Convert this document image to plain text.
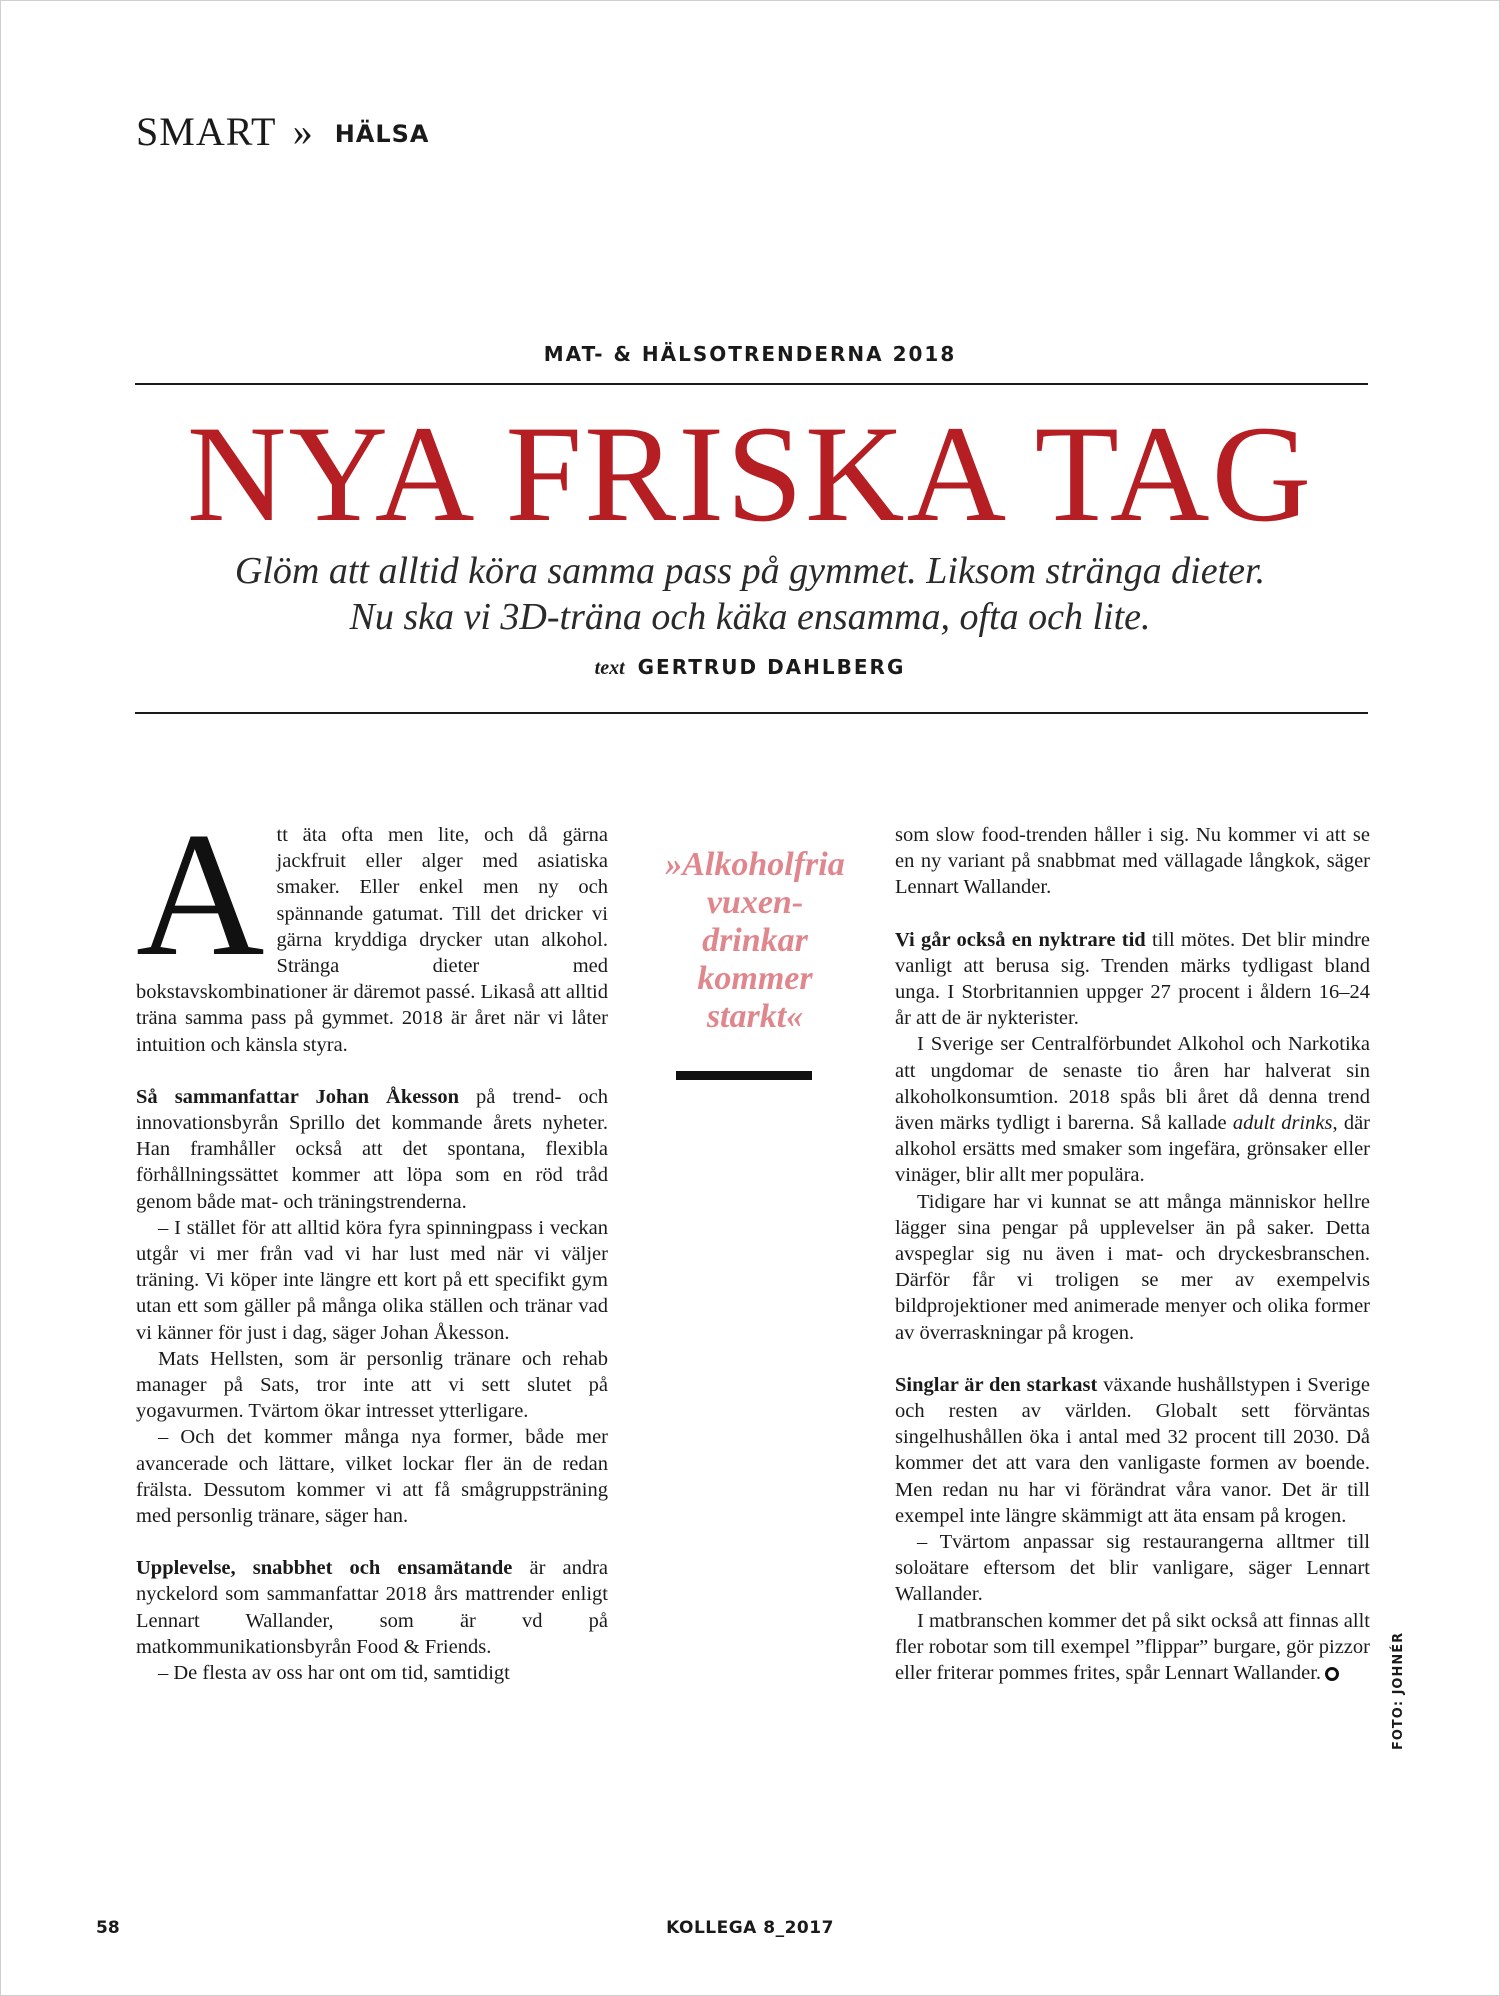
SMART » HÄLSA
MAT- & HÄLSOTRENDERNA 2018
NYA FRISKA TAG
Glöm att alltid köra samma pass på gymmet. Liksom stränga dieter.
Nu ska vi 3D-träna och käka ensamma, ofta och lite.
text GERTRUD DAHLBERG

Att äta ofta men lite, och då gärna jackfruit eller alger med asiatiska smaker. Eller enkel men ny och spännande gatumat. Till det dricker vi gärna kryddiga drycker utan alkohol. Stränga dieter med bokstavskombinationer är däremot passé. Likaså att alltid träna samma pass på gymmet. 2018 är året när vi låter intuition och känsla styra.

Så sammanfattar Johan Åkesson på trend- och innovationsbyrån Sprillo det kommande årets nyheter. Han framhåller också att det spontana, flexibla förhållningssättet kommer att löpa som en röd tråd genom både mat- och träningstrenderna.

– I stället för att alltid köra fyra spinningpass i veckan utgår vi mer från vad vi har lust med när vi väljer träning. Vi köper inte längre ett kort på ett specifikt gym utan ett som gäller på många olika ställen och tränar vad vi känner för just i dag, säger Johan Åkesson.

Mats Hellsten, som är personlig tränare och rehab manager på Sats, tror inte att vi sett slutet på yogavurmen. Tvärtom ökar intresset ytterligare.

– Och det kommer många nya former, både mer avancerade och lättare, vilket lockar fler än de redan frälsta. Dessutom kommer vi att få smågruppsträning med personlig tränare, säger han.

Upplevelse, snabbhet och ensamätande är andra nyckelord som sammanfattar 2018 års mattrender enligt Lennart Wallander, som är vd på matkommunikationsbyrån Food & Friends.

– De flesta av oss har ont om tid, samtidigt

»Alkoholfria
vuxen-
drinkar
kommer
starkt«

som slow food-trenden håller i sig. Nu kommer vi att se en ny variant på snabbmat med vällagade långkok, säger Lennart Wallander.

Vi går också en nyktrare tid till mötes. Det blir mindre vanligt att berusa sig. Trenden märks tydligast bland unga. I Storbritannien uppger 27 procent i åldern 16–24 år att de är nykterister.

I Sverige ser Centralförbundet Alkohol och Narkotika att ungdomar de senaste tio åren har halverat sin alkoholkonsumtion. 2018 spås bli året då denna trend även märks tydligt i barerna. Så kallade adult drinks, där alkohol ersätts med smaker som ingefära, grönsaker eller vinäger, blir allt mer populära.

Tidigare har vi kunnat se att många människor hellre lägger sina pengar på upplevelser än på saker. Detta avspeglar sig nu även i mat- och dryckesbranschen. Därför får vi troligen se mer av exempelvis bildprojektioner med animerade menyer och olika former av överraskningar på krogen.

Singlar är den starkast växande hushållstypen i Sverige och resten av världen. Globalt sett förväntas singelhushållen öka i antal med 32 procent till 2030. Då kommer det att vara den vanligaste formen av boende. Men redan nu har vi förändrat våra vanor. Det är till exempel inte längre skämmigt att äta ensam på krogen.

– Tvärtom anpassar sig restaurangerna alltmer till soloätare eftersom det blir vanligare, säger Lennart Wallander.

I matbranschen kommer det på sikt också att finnas allt fler robotar som till exempel ”flippar” burgare, gör pizzor eller friterar pommes frites, spår Lennart Wallander.	FOTO: JOHNÉR
58	KOLLEGA 8_2017
